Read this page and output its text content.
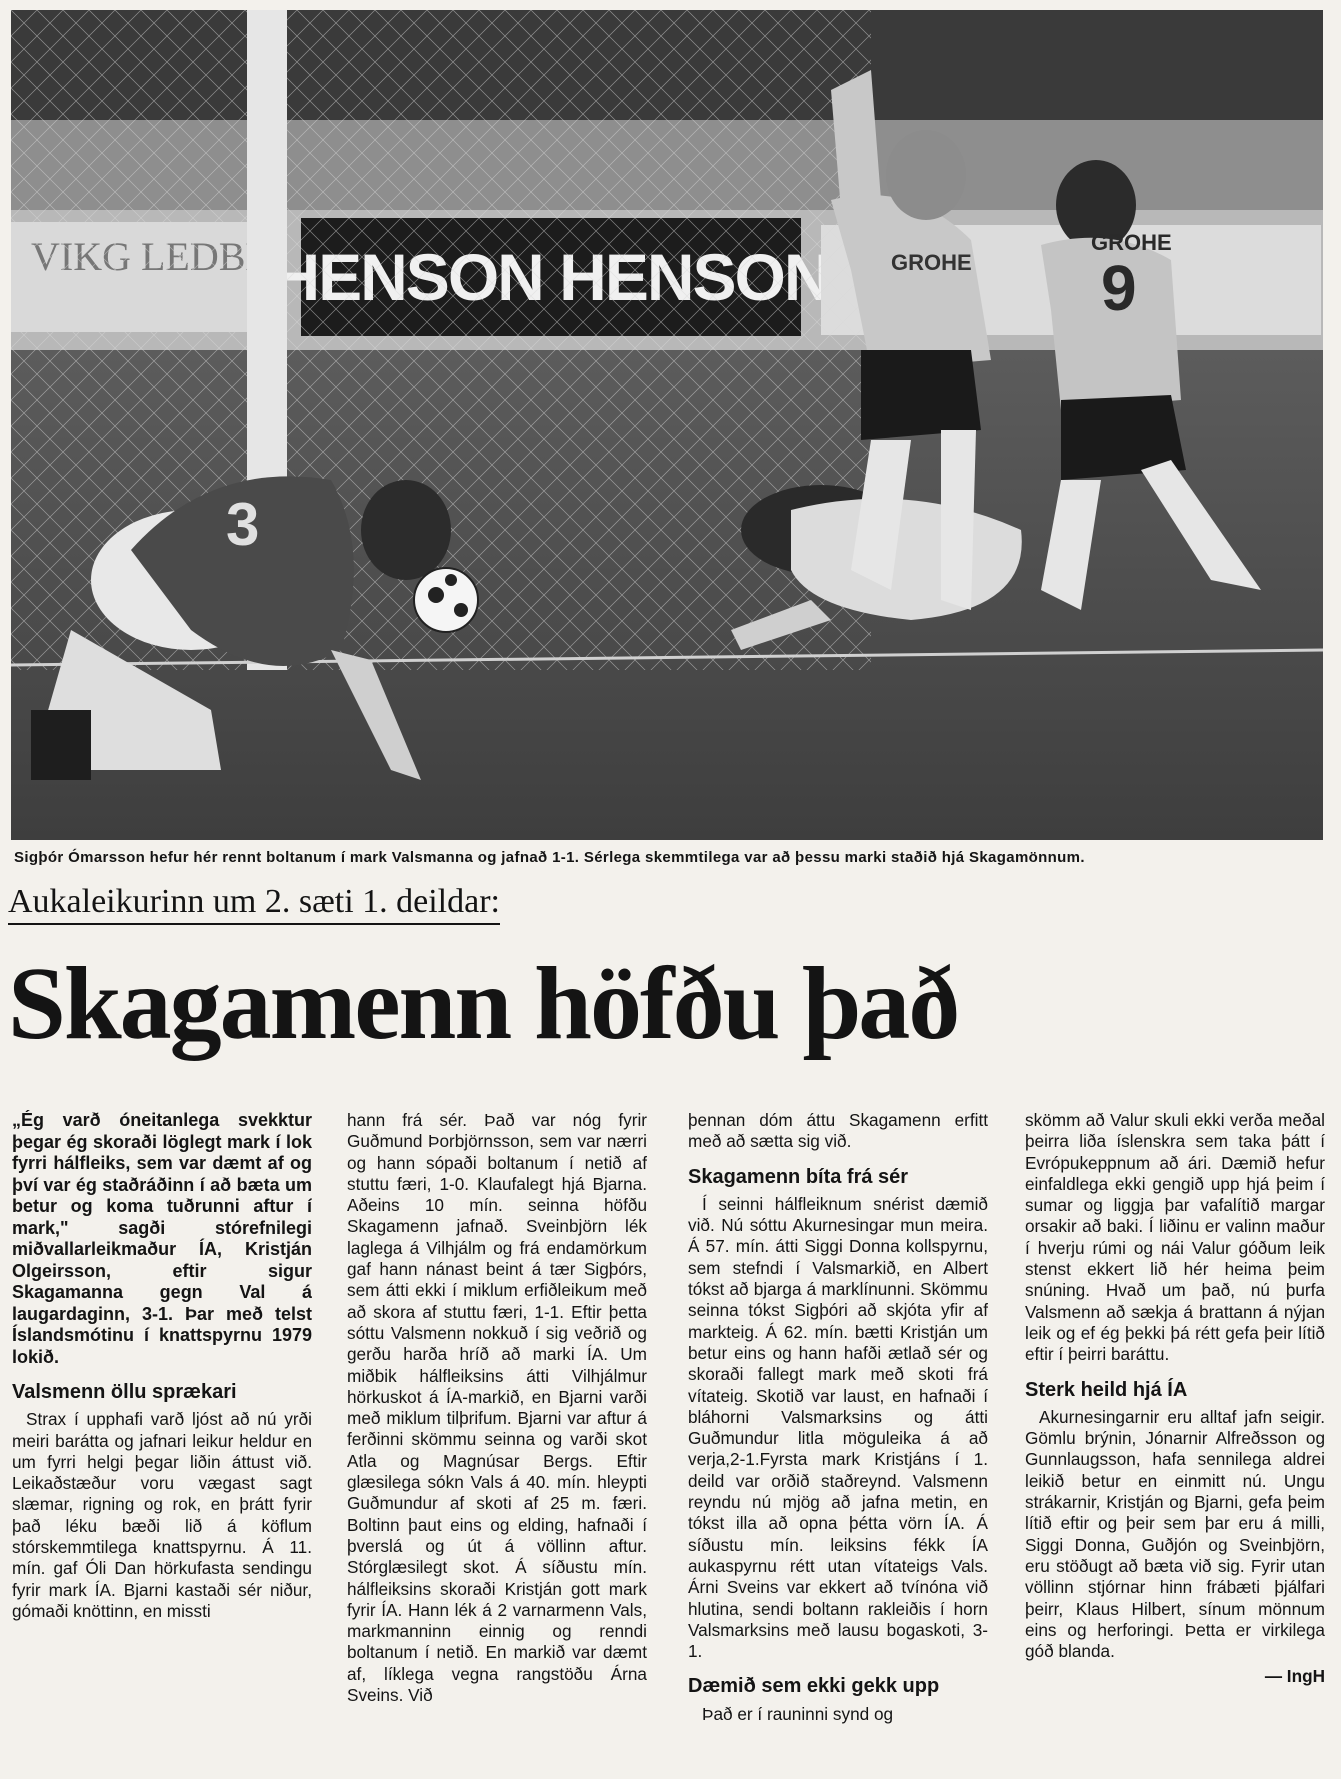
3
GROHE 9
GROHE
Sigþór Ómarsson hefur hér rennt boltanum í mark Valsmanna og jafnað 1-1. Sérlega skemmtilega var að þessu marki staðið hjá Skagamönnum.
Aukaleikurinn um 2. sæti 1. deildar:
Skagamenn höfðu það

„Ég varð óneitanlega svekktur þegar ég skoraði löglegt mark í lok fyrri hálfleiks, sem var dæmt af og því var ég staðráðinn í að bæta um betur og koma tuðrunni aftur í mark," sagði stórefnilegi miðvallarleikmaður ÍA, Kristján Olgeirsson, eftir sigur Skagamanna gegn Val á laugardaginn, 3-1. Þar með telst Íslandsmótinu í knattspyrnu 1979 lokið.

Valsmenn öllu sprækari

Strax í upphafi varð ljóst að nú yrði meiri barátta og jafnari leikur heldur en um fyrri helgi þegar liðin áttust við. Leikaðstæður voru vægast sagt slæmar, rigning og rok, en þrátt fyrir það léku bæði lið á köflum stórskemmtilega knattspyrnu. Á 11. mín. gaf Óli Dan hörkufasta sendingu fyrir mark ÍA. Bjarni kastaði sér niður, gómaði knöttinn, en missti

hann frá sér. Það var nóg fyrir Guðmund Þorbjörnsson, sem var nærri og hann sópaði boltanum í netið af stuttu færi, 1-0. Klaufalegt hjá Bjarna. Aðeins 10 mín. seinna höfðu Skagamenn jafnað. Sveinbjörn lék laglega á Vilhjálm og frá endamörkum gaf hann nánast beint á tær Sigþórs, sem átti ekki í miklum erfiðleikum með að skora af stuttu færi, 1-1. Eftir þetta sóttu Valsmenn nokkuð í sig veðrið og gerðu harða hríð að marki ÍA. Um miðbik hálfleiksins átti Vilhjálmur hörkuskot á ÍA-markið, en Bjarni varði með miklum tilþrifum. Bjarni var aftur á ferðinni skömmu seinna og varði skot Atla og Magnúsar Bergs. Eftir glæsilega sókn Vals á 40. mín. hleypti Guðmundur af skoti af 25 m. færi. Boltinn þaut eins og elding, hafnaði í þverslá og út á völlinn aftur. Stórglæsilegt skot. Á síðustu mín. hálfleiksins skoraði Kristján gott mark fyrir ÍA. Hann lék á 2 varnarmenn Vals, markmanninn einnig og renndi boltanum í netið. En markið var dæmt af, líklega vegna rangstöðu Árna Sveins. Við

þennan dóm áttu Skagamenn erfitt með að sætta sig við.

Skagamenn bíta frá sér

Í seinni hálfleiknum snérist dæmið við. Nú sóttu Akurnesingar mun meira. Á 57. mín. átti Siggi Donna kollspyrnu, sem stefndi í Valsmarkið, en Albert tókst að bjarga á marklínunni. Skömmu seinna tókst Sigþóri að skjóta yfir af markteig. Á 62. mín. bætti Kristján um betur eins og hann hafði ætlað sér og skoraði fallegt mark með skoti frá vítateig. Skotið var laust, en hafnaði í bláhorni Valsmarksins og átti Guðmundur litla möguleika á að verja,2-1.Fyrsta mark Kristjáns í 1. deild var orðið staðreynd. Valsmenn reyndu nú mjög að jafna metin, en tókst illa að opna þétta vörn ÍA. Á síðustu mín. leiksins fékk ÍA aukaspyrnu rétt utan vítateigs Vals. Árni Sveins var ekkert að tvínóna við hlutina, sendi boltann rakleiðis í horn Valsmarksins með lausu bogaskoti, 3-1.

Dæmið sem ekki gekk upp

Það er í rauninni synd og

skömm að Valur skuli ekki verða meðal þeirra liða íslenskra sem taka þátt í Evrópukeppnum að ári. Dæmið hefur einfaldlega ekki gengið upp hjá þeim í sumar og liggja þar vafalítið margar orsakir að baki. Í liðinu er valinn maður í hverju rúmi og nái Valur góðum leik stenst ekkert lið hér heima þeim snúning. Hvað um það, nú þurfa Valsmenn að sækja á brattann á nýjan leik og ef ég þekki þá rétt gefa þeir lítið eftir í þeirri baráttu.

Sterk heild hjá ÍA

Akurnesingarnir eru alltaf jafn seigir. Gömlu brýnin, Jónarnir Alfreðsson og Gunnlaugsson, hafa sennilega aldrei leikið betur en einmitt nú. Ungu strákarnir, Kristján og Bjarni, gefa þeim lítið eftir og þeir sem þar eru á milli, Siggi Donna, Guðjón og Sveinbjörn, eru stöðugt að bæta við sig. Fyrir utan völlinn stjórnar hinn frábæti þjálfari þeirr, Klaus Hilbert, sínum mönnum eins og herforingi. Þetta er virkilega góð blanda.

— IngH
